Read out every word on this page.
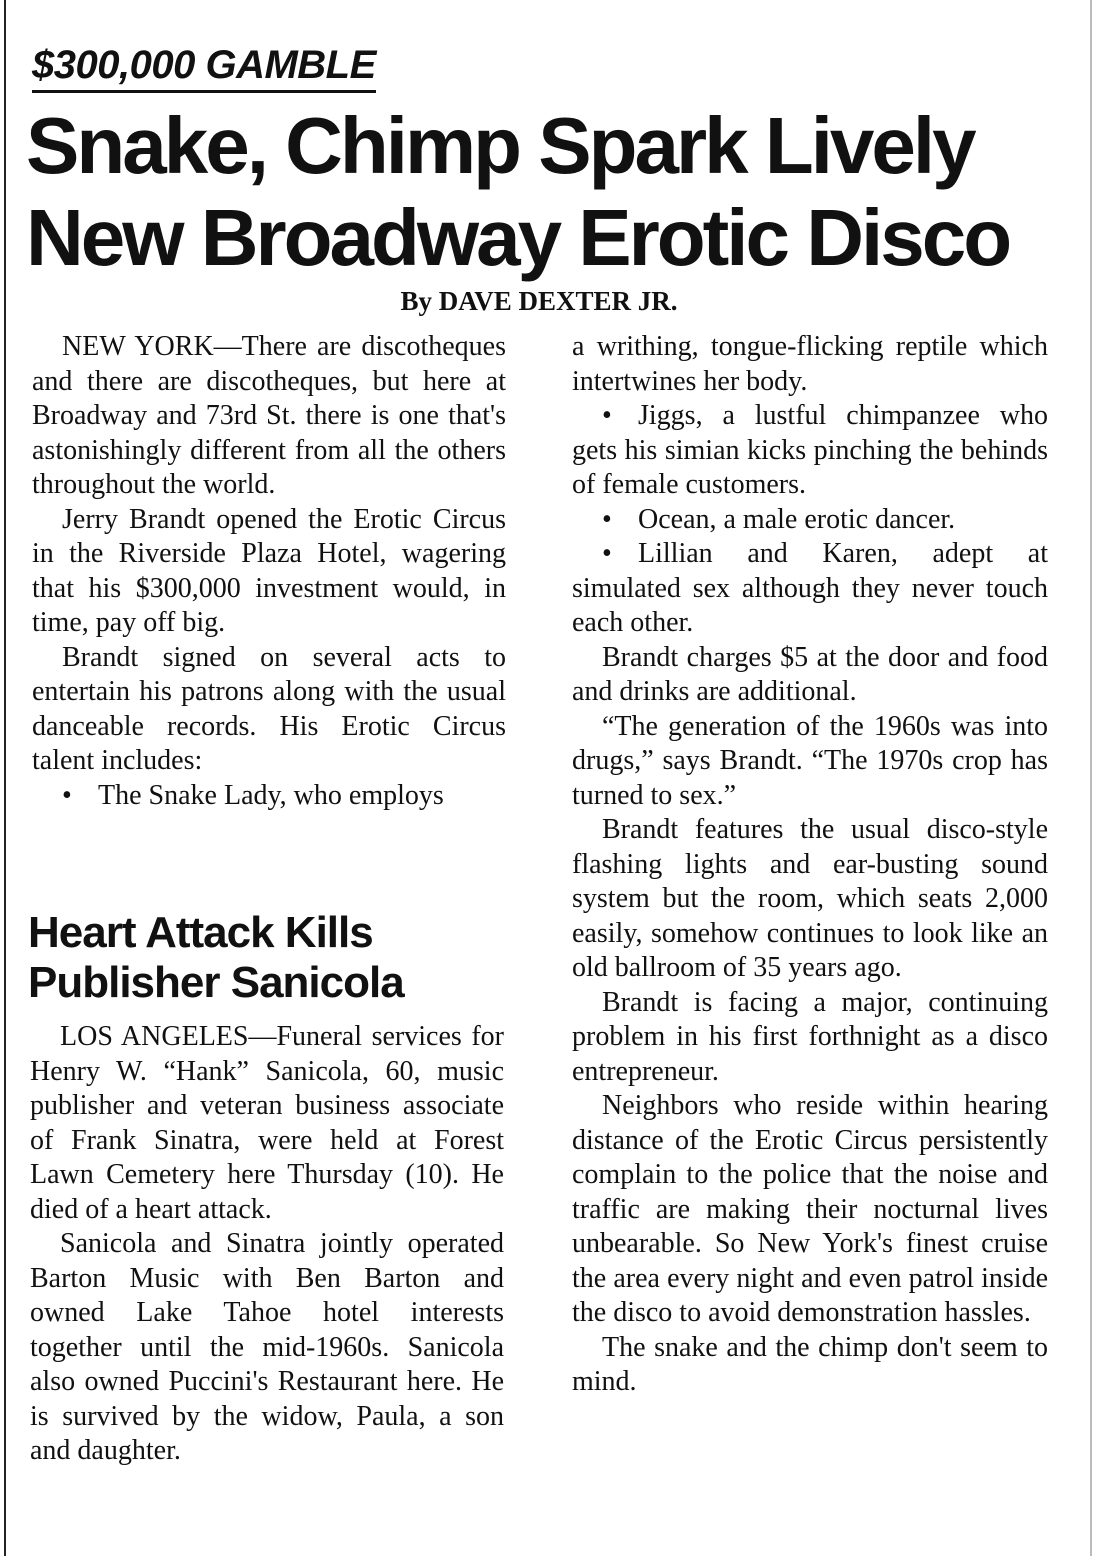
$300,000 GAMBLE
Snake, Chimp Spark Lively
New Broadway Erotic Disco
By DAVE DEXTER JR.

NEW YORK—There are discotheques and there are discotheques, but here at Broadway and 73rd St. there is one that's astonishingly different from all the others throughout the world.

Jerry Brandt opened the Erotic Circus in the Riverside Plaza Hotel, wagering that his $300,000 investment would, in time, pay off big.

Brandt signed on several acts to entertain his patrons along with the usual danceable records. His Erotic Circus talent includes:

• The Snake Lady, who employs

a writhing, tongue-flicking reptile which intertwines her body.

• Jiggs, a lustful chimpanzee who gets his simian kicks pinching the behinds of female customers.

• Ocean, a male erotic dancer.

• Lillian and Karen, adept at simulated sex although they never touch each other.

Brandt charges $5 at the door and food and drinks are additional.

“The generation of the 1960s was into drugs,” says Brandt. “The 1970s crop has turned to sex.”

Brandt features the usual disco-style flashing lights and ear-busting sound system but the room, which seats 2,000 easily, somehow continues to look like an old ballroom of 35 years ago.

Brandt is facing a major, continuing problem in his first forthnight as a disco entrepreneur.

Neighbors who reside within hearing distance of the Erotic Circus persistently complain to the police that the noise and traffic are making their nocturnal lives unbearable. So New York's finest cruise the area every night and even patrol inside the disco to avoid demonstration hassles.

The snake and the chimp don't seem to mind.

Heart Attack Kills
Publisher Sanicola

LOS ANGELES—Funeral services for Henry W. “Hank” Sanicola, 60, music publisher and veteran business associate of Frank Sinatra, were held at Forest Lawn Cemetery here Thursday (10). He died of a heart attack.

Sanicola and Sinatra jointly operated Barton Music with Ben Barton and owned Lake Tahoe hotel interests together until the mid-1960s. Sanicola also owned Puccini's Restaurant here. He is survived by the widow, Paula, a son and daughter.
